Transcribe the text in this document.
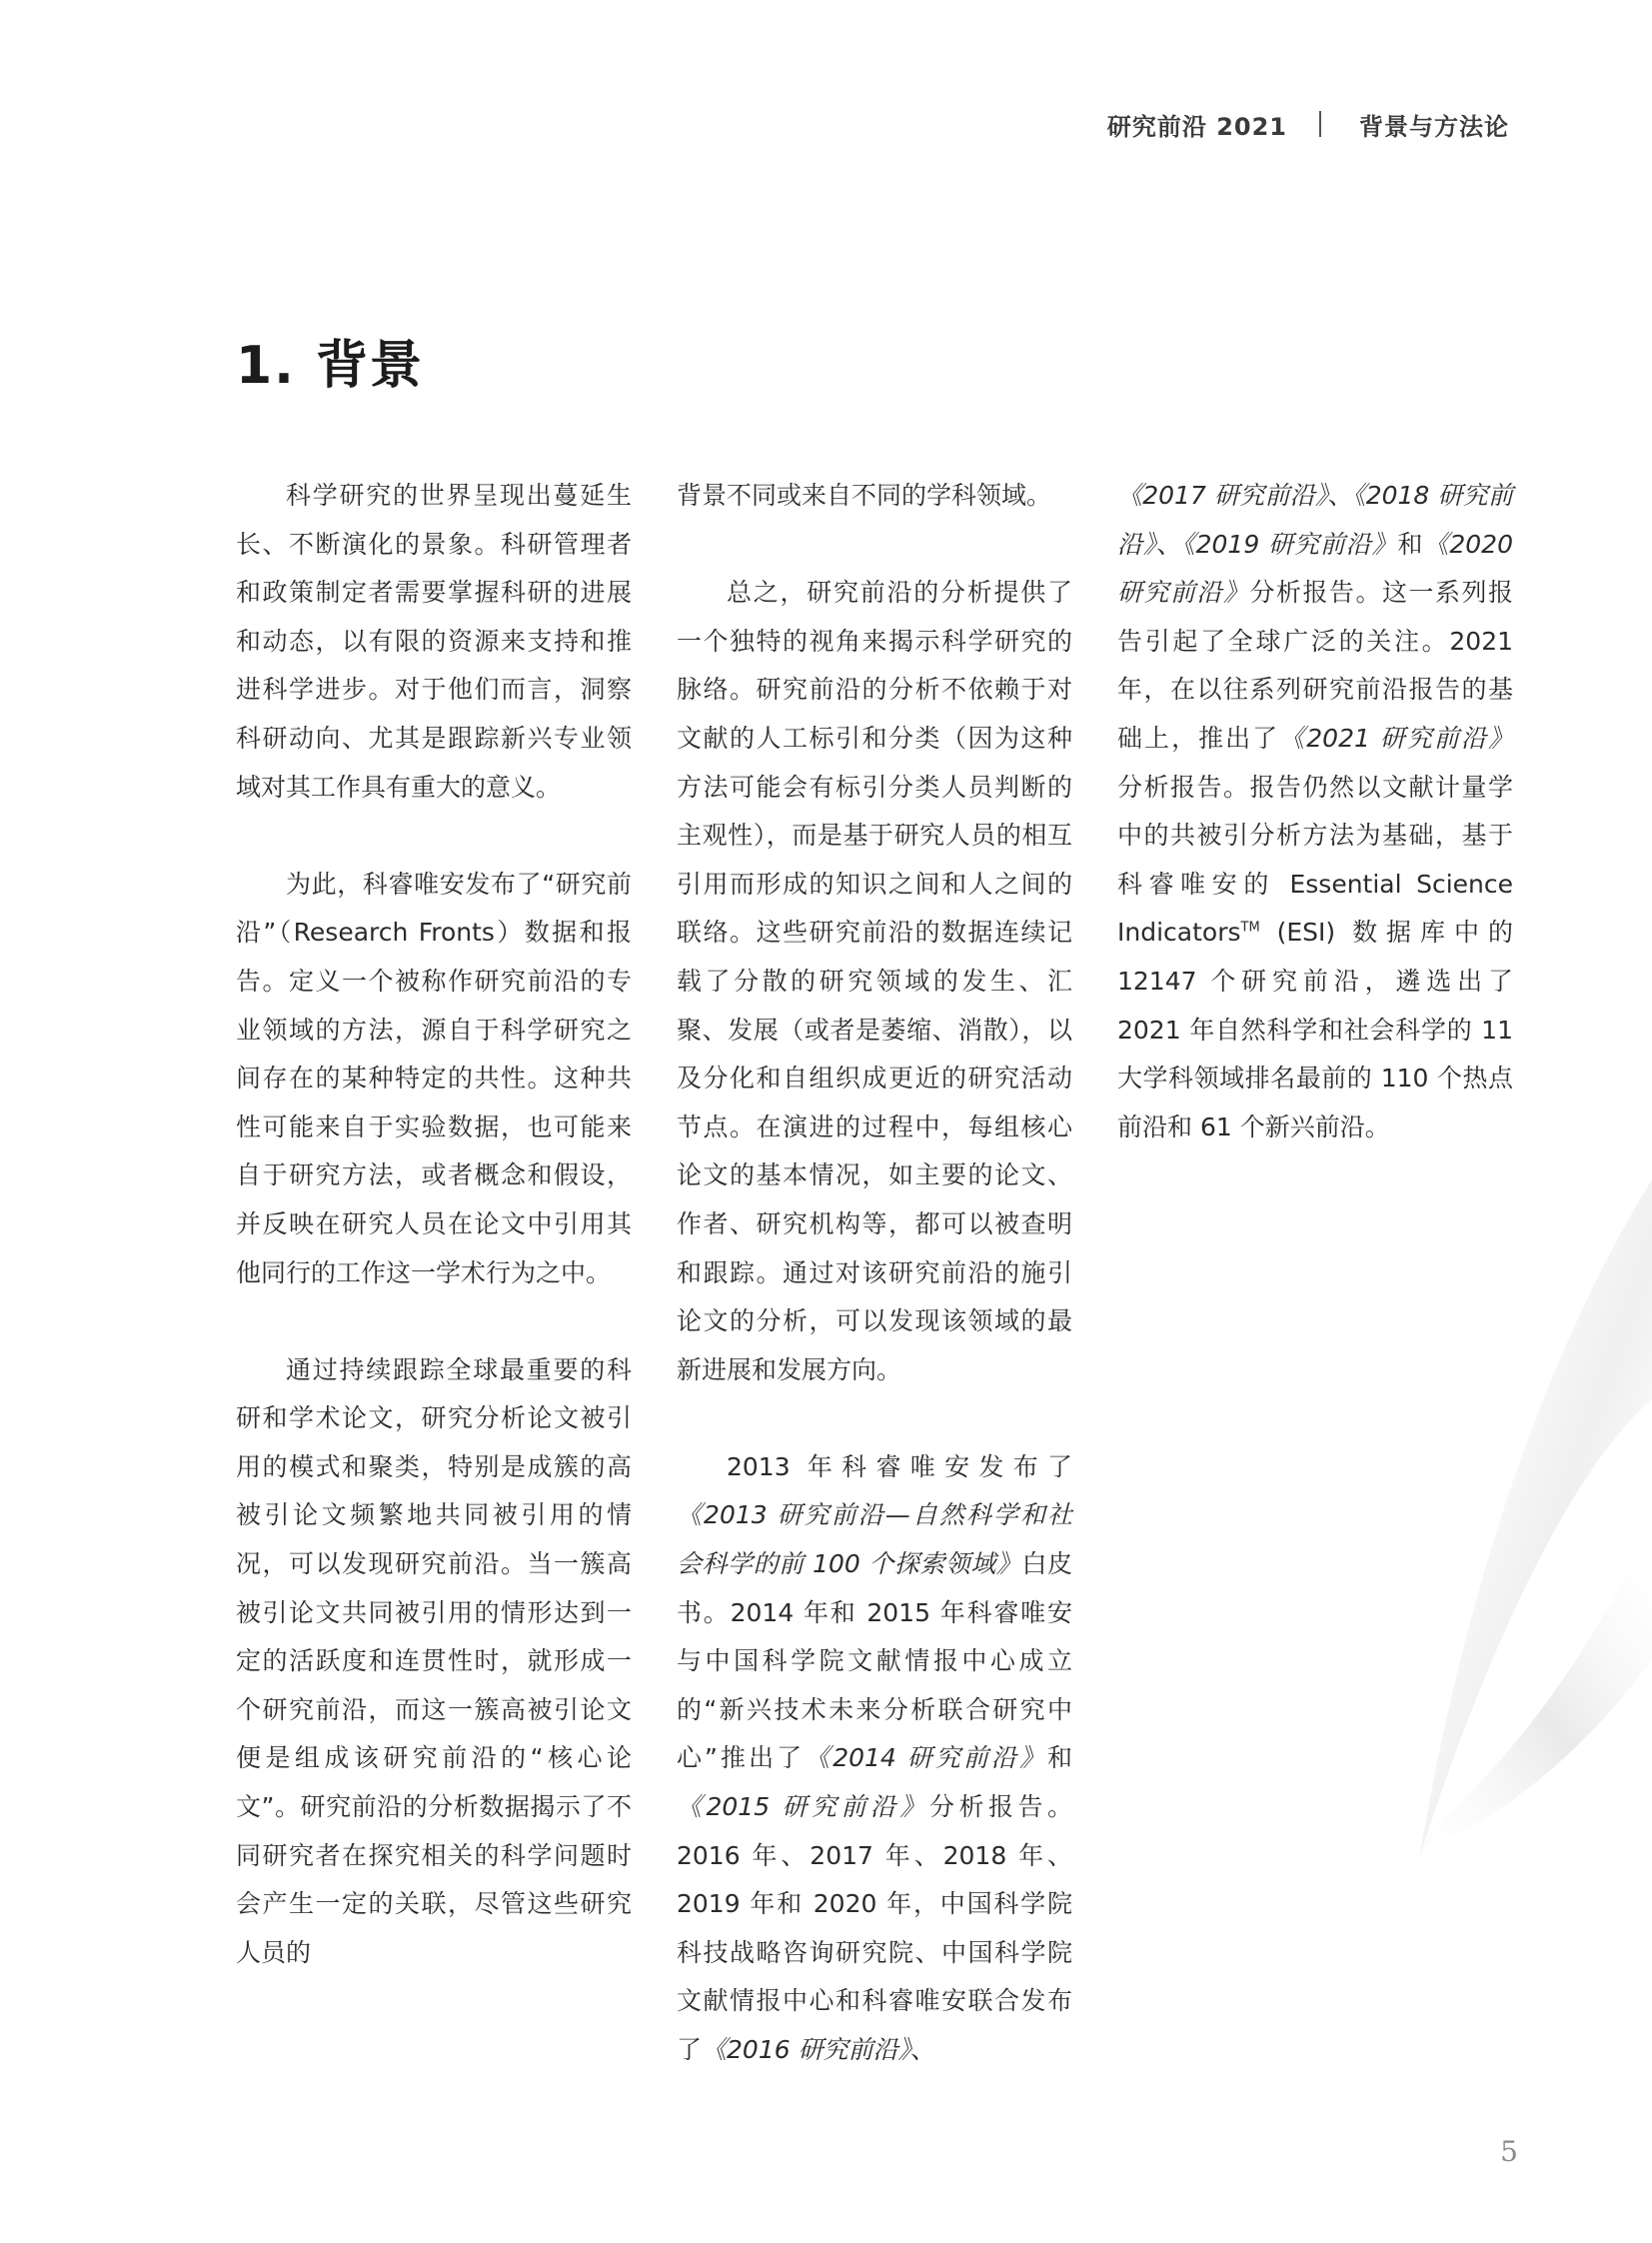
研究前沿 2021	背景与方法论
1. 背景

科学研究的世界呈现出蔓延生长、不断演化的景象。科研管理者和政策制定者需要掌握科研的进展和动态，以有限的资源来支持和推进科学进步。对于他们而言，洞察科研动向、尤其是跟踪新兴专业领域对其工作具有重大的意义。

为此，科睿唯安发布了“研究前沿”（Research Fronts）数据和报告。定义一个被称作研究前沿的专业领域的方法，源自于科学研究之间存在的某种特定的共性。这种共性可能来自于实验数据，也可能来自于研究方法，或者概念和假设，并反映在研究人员在论文中引用其他同行的工作这一学术行为之中。

通过持续跟踪全球最重要的科研和学术论文，研究分析论文被引用的模式和聚类，特别是成簇的高被引论文频繁地共同被引用的情况，可以发现研究前沿。当一簇高被引论文共同被引用的情形达到一定的活跃度和连贯性时，就形成一个研究前沿，而这一簇高被引论文便是组成该研究前沿的“核心论文”。研究前沿的分析数据揭示了不同研究者在探究相关的科学问题时会产生一定的关联，尽管这些研究人员的

背景不同或来自不同的学科领域。

总之，研究前沿的分析提供了一个独特的视角来揭示科学研究的脉络。研究前沿的分析不依赖于对文献的人工标引和分类（因为这种方法可能会有标引分类人员判断的主观性），而是基于研究人员的相互引用而形成的知识之间和人之间的联络。这些研究前沿的数据连续记载了分散的研究领域的发生、汇聚、发展（或者是萎缩、消散），以及分化和自组织成更近的研究活动节点。在演进的过程中，每组核心论文的基本情况，如主要的论文、作者、研究机构等，都可以被查明和跟踪。通过对该研究前沿的施引论文的分析，可以发现该领域的最新进展和发展方向。

2013 年科睿唯安发布了《2013 研究前沿—自然科学和社会科学的前 100 个探索领域》白皮书。2014 年和 2015 年科睿唯安与中国科学院文献情报中心成立的“新兴技术未来分析联合研究中心”推出了《2014 研究前沿》和《2015 研究前沿》分析报告。2016 年、2017 年、2018 年、2019 年和 2020 年，中国科学院科技战略咨询研究院、中国科学院文献情报中心和科睿唯安联合发布了《2016 研究前沿》、

《2017 研究前沿》、《2018 研究前沿》、《2019 研究前沿》和《2020 研究前沿》分析报告。这一系列报告引起了全球广泛的关注。2021 年，在以往系列研究前沿报告的基础上，推出了《2021 研究前沿》分析报告。报告仍然以文献计量学中的共被引分析方法为基础，基于科睿唯安的 Essential Science Indicators™ (ESI) 数据库中的 12147 个研究前沿，遴选出了 2021 年自然科学和社会科学的 11 大学科领域排名最前的 110 个热点前沿和 61 个新兴前沿。

5
